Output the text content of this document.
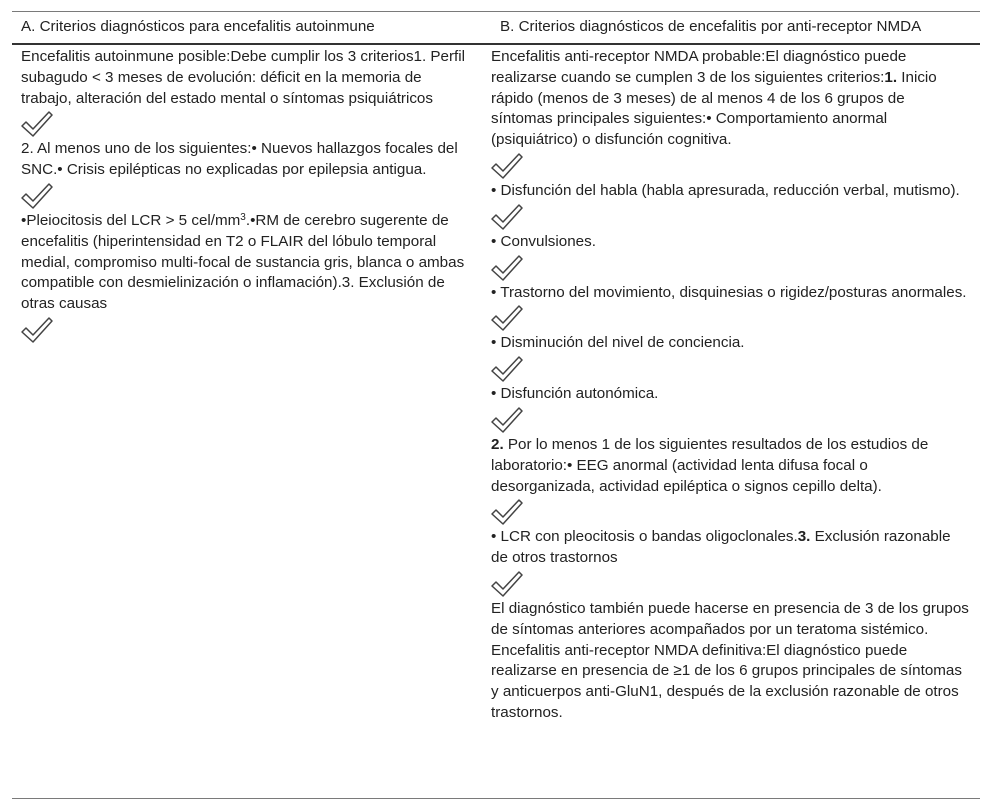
A. Criterios diagnósticos para encefalitis autoinmune	B. Criterios diagnósticos de encefalitis por anti-receptor NMDA

Encefalitis autoinmune posible:Debe cumplir los 3 criterios1. Perfil subagudo < 3 meses de evolución: déficit en la memoria de trabajo, alteración del estado mental o síntomas psiquiátricos

2. Al menos uno de los siguientes:• Nuevos hallazgos focales del SNC.• Crisis epilépticas no explicadas por epilepsia antigua.

•Pleiocitosis del LCR > 5 cel/$mm^3.•RM$ de cerebro sugerente de encefalitis (hiperintensidad en T2 o FLAIR del lóbulo temporal medial, compromiso multi-focal de sustancia gris, blanca o ambas compatible con desmielinización o inflamación).3. Exclusión de otras causas

Encefalitis anti-receptor NMDA probable:El diagnóstico puede realizarse cuando se cumplen 3 de los siguientes criterios:1. Inicio rápido (menos de 3 meses) de al menos 4 de los 6 grupos de síntomas principales siguientes:• Comportamiento anormal (psiquiátrico) o disfunción cognitiva.

• Disfunción del habla (habla apresurada, reducción verbal, mutismo).

• Convulsiones.

• Trastorno del movimiento, disquinesias o rigidez/posturas anormales.

• Disminución del nivel de conciencia.

• Disfunción autonómica.

2. Por lo menos 1 de los siguientes resultados de los estudios de laboratorio:• EEG anormal (actividad lenta difusa focal o desorganizada, actividad epiléptica o signos cepillo delta).

• LCR con pleocitosis o bandas oligoclonales.3. Exclusión razonable de otros trastornos

El diagnóstico también puede hacerse en presencia de 3 de los grupos de síntomas anteriores acompañados por un teratoma sistémico.

Encefalitis anti-receptor NMDA definitiva:El diagnóstico puede realizarse en presencia de ≥1 de los 6 grupos principales de síntomas y anticuerpos anti-GluN1, después de la exclusión razonable de otros trastornos.
